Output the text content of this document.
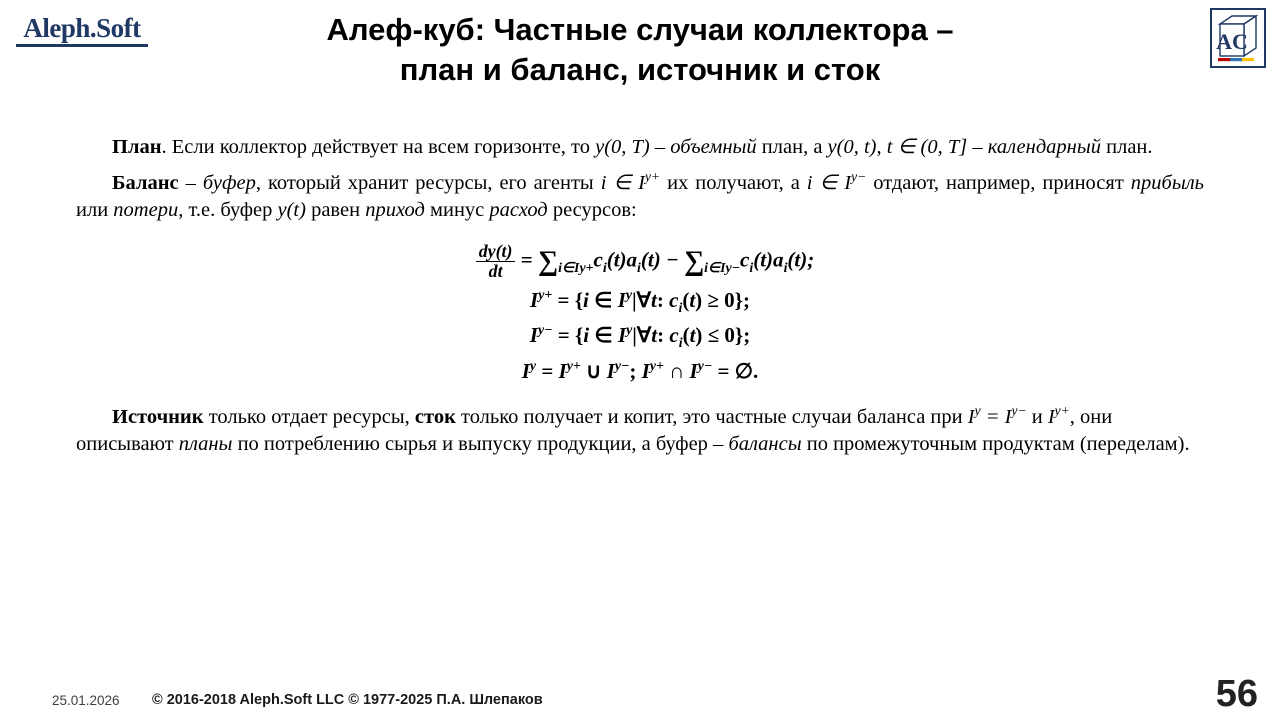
Aleph.Soft	AC
Алеф-куб: Частные случаи коллектора –
план и баланс, источник и сток
План. Если коллектор действует на всем горизонте, то y(0, T) – объемный план, а y(0, t), t ∈ (0, T] – календарный план.
Баланс – буфер, который хранит ресурсы, его агенты i ∈ $I^{y+}$ их получают, а i ∈ $I^{y-}$ отдают, например, приносят прибыль или потери, т.е. буфер y(t) равен приход минус расход ресурсов:
$\frac{dy(t)}{dt} = \sum_{i\in Iy+}c_i(t)a_i(t) - \sum_{i\in Iy-}c_i(t)a_i(t)$;
$I^{y+} = \{i$ ∈ $I^y|\forall t$: $c_i(t) \ge 0$};
$I^{y-} = \{i$ ∈ $I^y|\forall t$: $c_i(t) \le 0$};
$I^y = I^{y+}$ ∪ $I^{y-}$; $I^{y+}$ ∩ $I^{y-}$ = ∅.
Источник только отдает ресурсы, сток только получает и копит, это частные случаи баланса при $I^y = I^{y-}$ и $I^{y+}$, они описывают планы по потреблению сырья и выпуску продукции, а буфер – балансы по промежуточным продуктам (переделам).
25.01.2026 © 2016-2018 Aleph.Soft LLC © 1977-2025 П.А. Шлепаков	56
